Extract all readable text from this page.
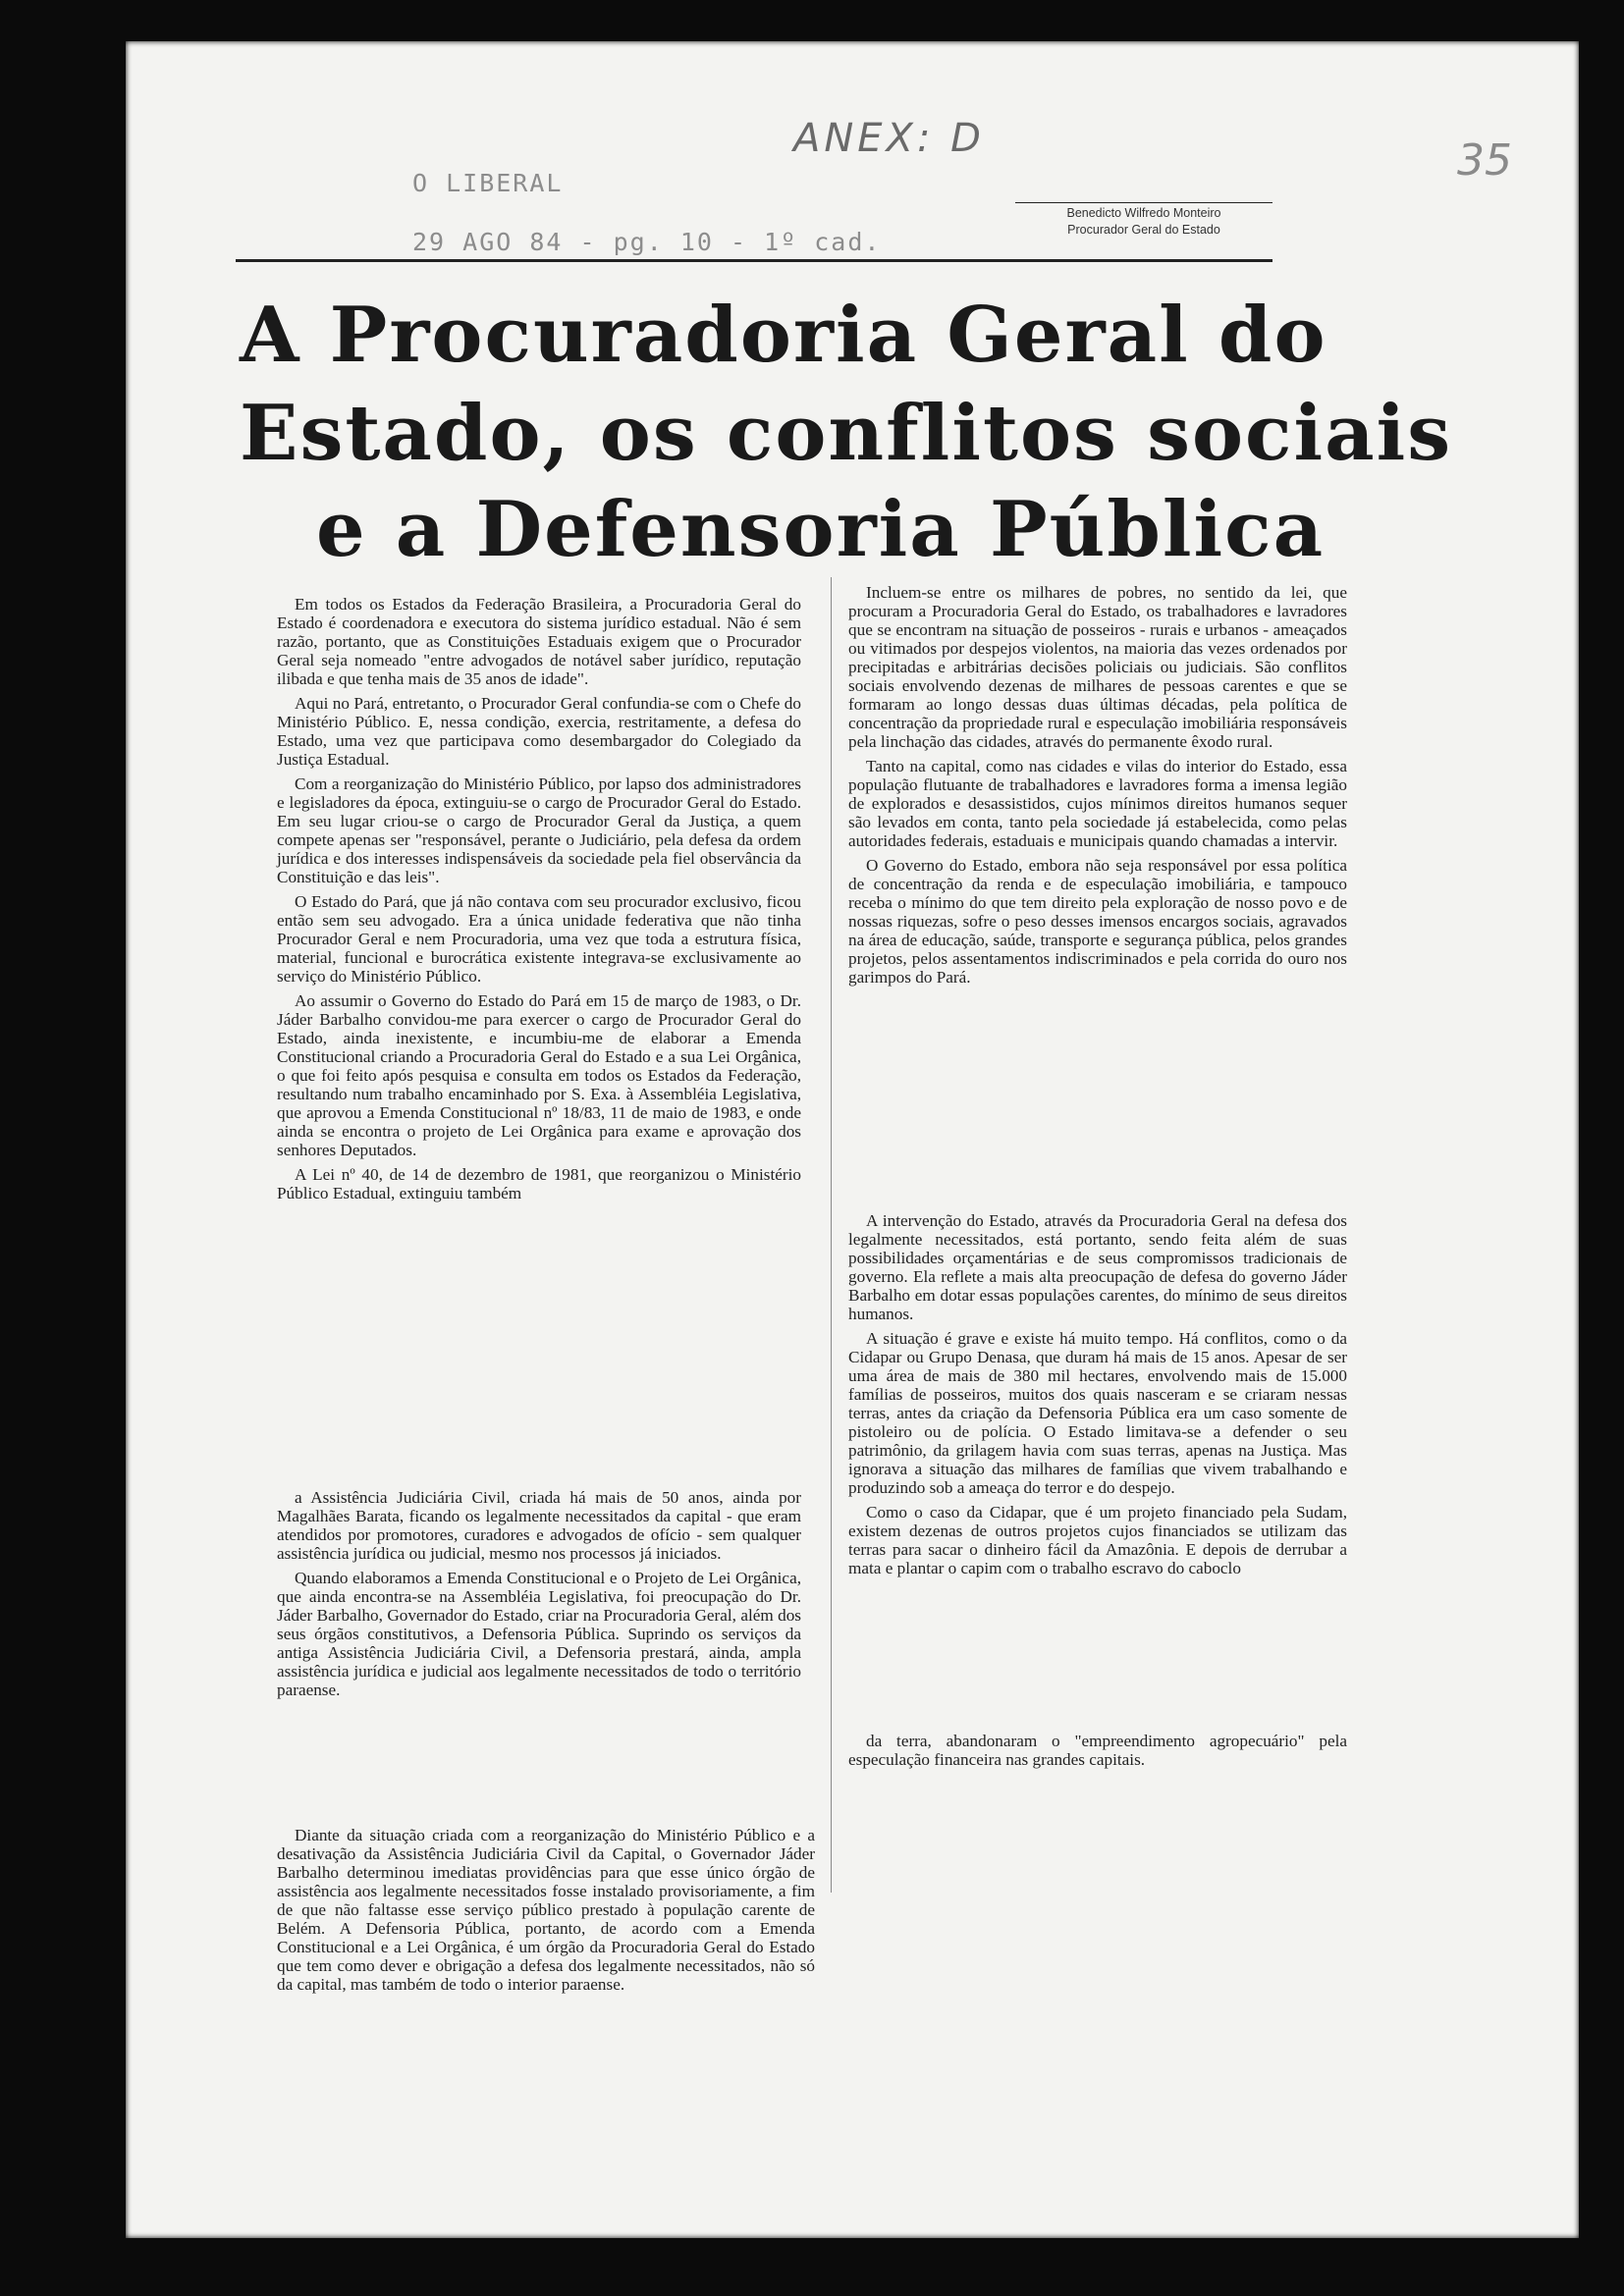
ANEX: D	35
O LIBERAL
29 AGO 84 - pg. 10 - 1º cad.
Benedicto Wilfredo Monteiro
Procurador Geral do Estado
A Procuradoria Geral do
Estado, os conflitos sociais
e a Defensoria Pública

Em todos os Estados da Federação Brasileira, a Procuradoria Geral do Estado é coordenadora e executora do sistema jurídico estadual. Não é sem razão, portanto, que as Constituições Estaduais exigem que o Procurador Geral seja nomeado "entre advogados de notável saber jurídico, reputação ilibada e que tenha mais de 35 anos de idade".

Aqui no Pará, entretanto, o Procurador Geral confundia-se com o Chefe do Ministério Público. E, nessa condição, exercia, restritamente, a defesa do Estado, uma vez que participava como desembargador do Colegiado da Justiça Estadual.

Com a reorganização do Ministério Público, por lapso dos administradores e legisladores da época, extinguiu-se o cargo de Procurador Geral do Estado. Em seu lugar criou-se o cargo de Procurador Geral da Justiça, a quem compete apenas ser "responsável, perante o Judiciário, pela defesa da ordem jurídica e dos interesses indispensáveis da sociedade pela fiel observância da Constituição e das leis".

O Estado do Pará, que já não contava com seu procurador exclusivo, ficou então sem seu advogado. Era a única unidade federativa que não tinha Procurador Geral e nem Procuradoria, uma vez que toda a estrutura física, material, funcional e burocrática existente integrava-se exclusivamente ao serviço do Ministério Público.

Ao assumir o Governo do Estado do Pará em 15 de março de 1983, o Dr. Jáder Barbalho convidou-me para exercer o cargo de Procurador Geral do Estado, ainda inexistente, e incumbiu-me de elaborar a Emenda Constitucional criando a Procuradoria Geral do Estado e a sua Lei Orgânica, o que foi feito após pesquisa e consulta em todos os Estados da Federação, resultando num trabalho encaminhado por S. Exa. à Assembléia Legislativa, que aprovou a Emenda Constitucional nº 18/83, 11 de maio de 1983, e onde ainda se encontra o projeto de Lei Orgânica para exame e aprovação dos senhores Deputados.

A Lei nº 40, de 14 de dezembro de 1981, que reorganizou o Ministério Público Estadual, extinguiu também

a Assistência Judiciária Civil, criada há mais de 50 anos, ainda por Magalhães Barata, ficando os legalmente necessitados da capital - que eram atendidos por promotores, curadores e advogados de ofício - sem qualquer assistência jurídica ou judicial, mesmo nos processos já iniciados.

Quando elaboramos a Emenda Constitucional e o Projeto de Lei Orgânica, que ainda encontra-se na Assembléia Legislativa, foi preocupação do Dr. Jáder Barbalho, Governador do Estado, criar na Procuradoria Geral, além dos seus órgãos constitutivos, a Defensoria Pública. Suprindo os serviços da antiga Assistência Judiciária Civil, a Defensoria prestará, ainda, ampla assistência jurídica e judicial aos legalmente necessitados de todo o território paraense.

Diante da situação criada com a reorganização do Ministério Público e a desativação da Assistência Judiciária Civil da Capital, o Governador Jáder Barbalho determinou imediatas providências para que esse único órgão de assistência aos legalmente necessitados fosse instalado provisoriamente, a fim de que não faltasse esse serviço público prestado à população carente de Belém. A Defensoria Pública, portanto, de acordo com a Emenda Constitucional e a Lei Orgânica, é um órgão da Procuradoria Geral do Estado que tem como dever e obrigação a defesa dos legalmente necessitados, não só da capital, mas também de todo o interior paraense.

Incluem-se entre os milhares de pobres, no sentido da lei, que procuram a Procuradoria Geral do Estado, os trabalhadores e lavradores que se encontram na situação de posseiros - rurais e urbanos - ameaçados ou vitimados por despejos violentos, na maioria das vezes ordenados por precipitadas e arbitrárias decisões policiais ou judiciais. São conflitos sociais envolvendo dezenas de milhares de pessoas carentes e que se formaram ao longo dessas duas últimas décadas, pela política de concentração da propriedade rural e especulação imobiliária responsáveis pela linchação das cidades, através do permanente êxodo rural.

Tanto na capital, como nas cidades e vilas do interior do Estado, essa população flutuante de trabalhadores e lavradores forma a imensa legião de explorados e desassistidos, cujos mínimos direitos humanos sequer são levados em conta, tanto pela sociedade já estabelecida, como pelas autoridades federais, estaduais e municipais quando chamadas a intervir.

O Governo do Estado, embora não seja responsável por essa política de concentração da renda e de especulação imobiliária, e tampouco receba o mínimo do que tem direito pela exploração de nosso povo e de nossas riquezas, sofre o peso desses imensos encargos sociais, agravados na área de educação, saúde, transporte e segurança pública, pelos grandes projetos, pelos assentamentos indiscriminados e pela corrida do ouro nos garimpos do Pará.

A intervenção do Estado, através da Procuradoria Geral na defesa dos legalmente necessitados, está portanto, sendo feita além de suas possibilidades orçamentárias e de seus compromissos tradicionais de governo. Ela reflete a mais alta preocupação de defesa do governo Jáder Barbalho em dotar essas populações carentes, do mínimo de seus direitos humanos.

A situação é grave e existe há muito tempo. Há conflitos, como o da Cidapar ou Grupo Denasa, que duram há mais de 15 anos. Apesar de ser uma área de mais de 380 mil hectares, envolvendo mais de 15.000 famílias de posseiros, muitos dos quais nasceram e se criaram nessas terras, antes da criação da Defensoria Pública era um caso somente de pistoleiro ou de polícia. O Estado limitava-se a defender o seu patrimônio, da grilagem havia com suas terras, apenas na Justiça. Mas ignorava a situação das milhares de famílias que vivem trabalhando e produzindo sob a ameaça do terror e do despejo.

Como o caso da Cidapar, que é um projeto financiado pela Sudam, existem dezenas de outros projetos cujos financiados se utilizam das terras para sacar o dinheiro fácil da Amazônia. E depois de derrubar a mata e plantar o capim com o trabalho escravo do caboclo

da terra, abandonaram o "empreendimento agropecuário" pela especulação financeira nas grandes capitais.
